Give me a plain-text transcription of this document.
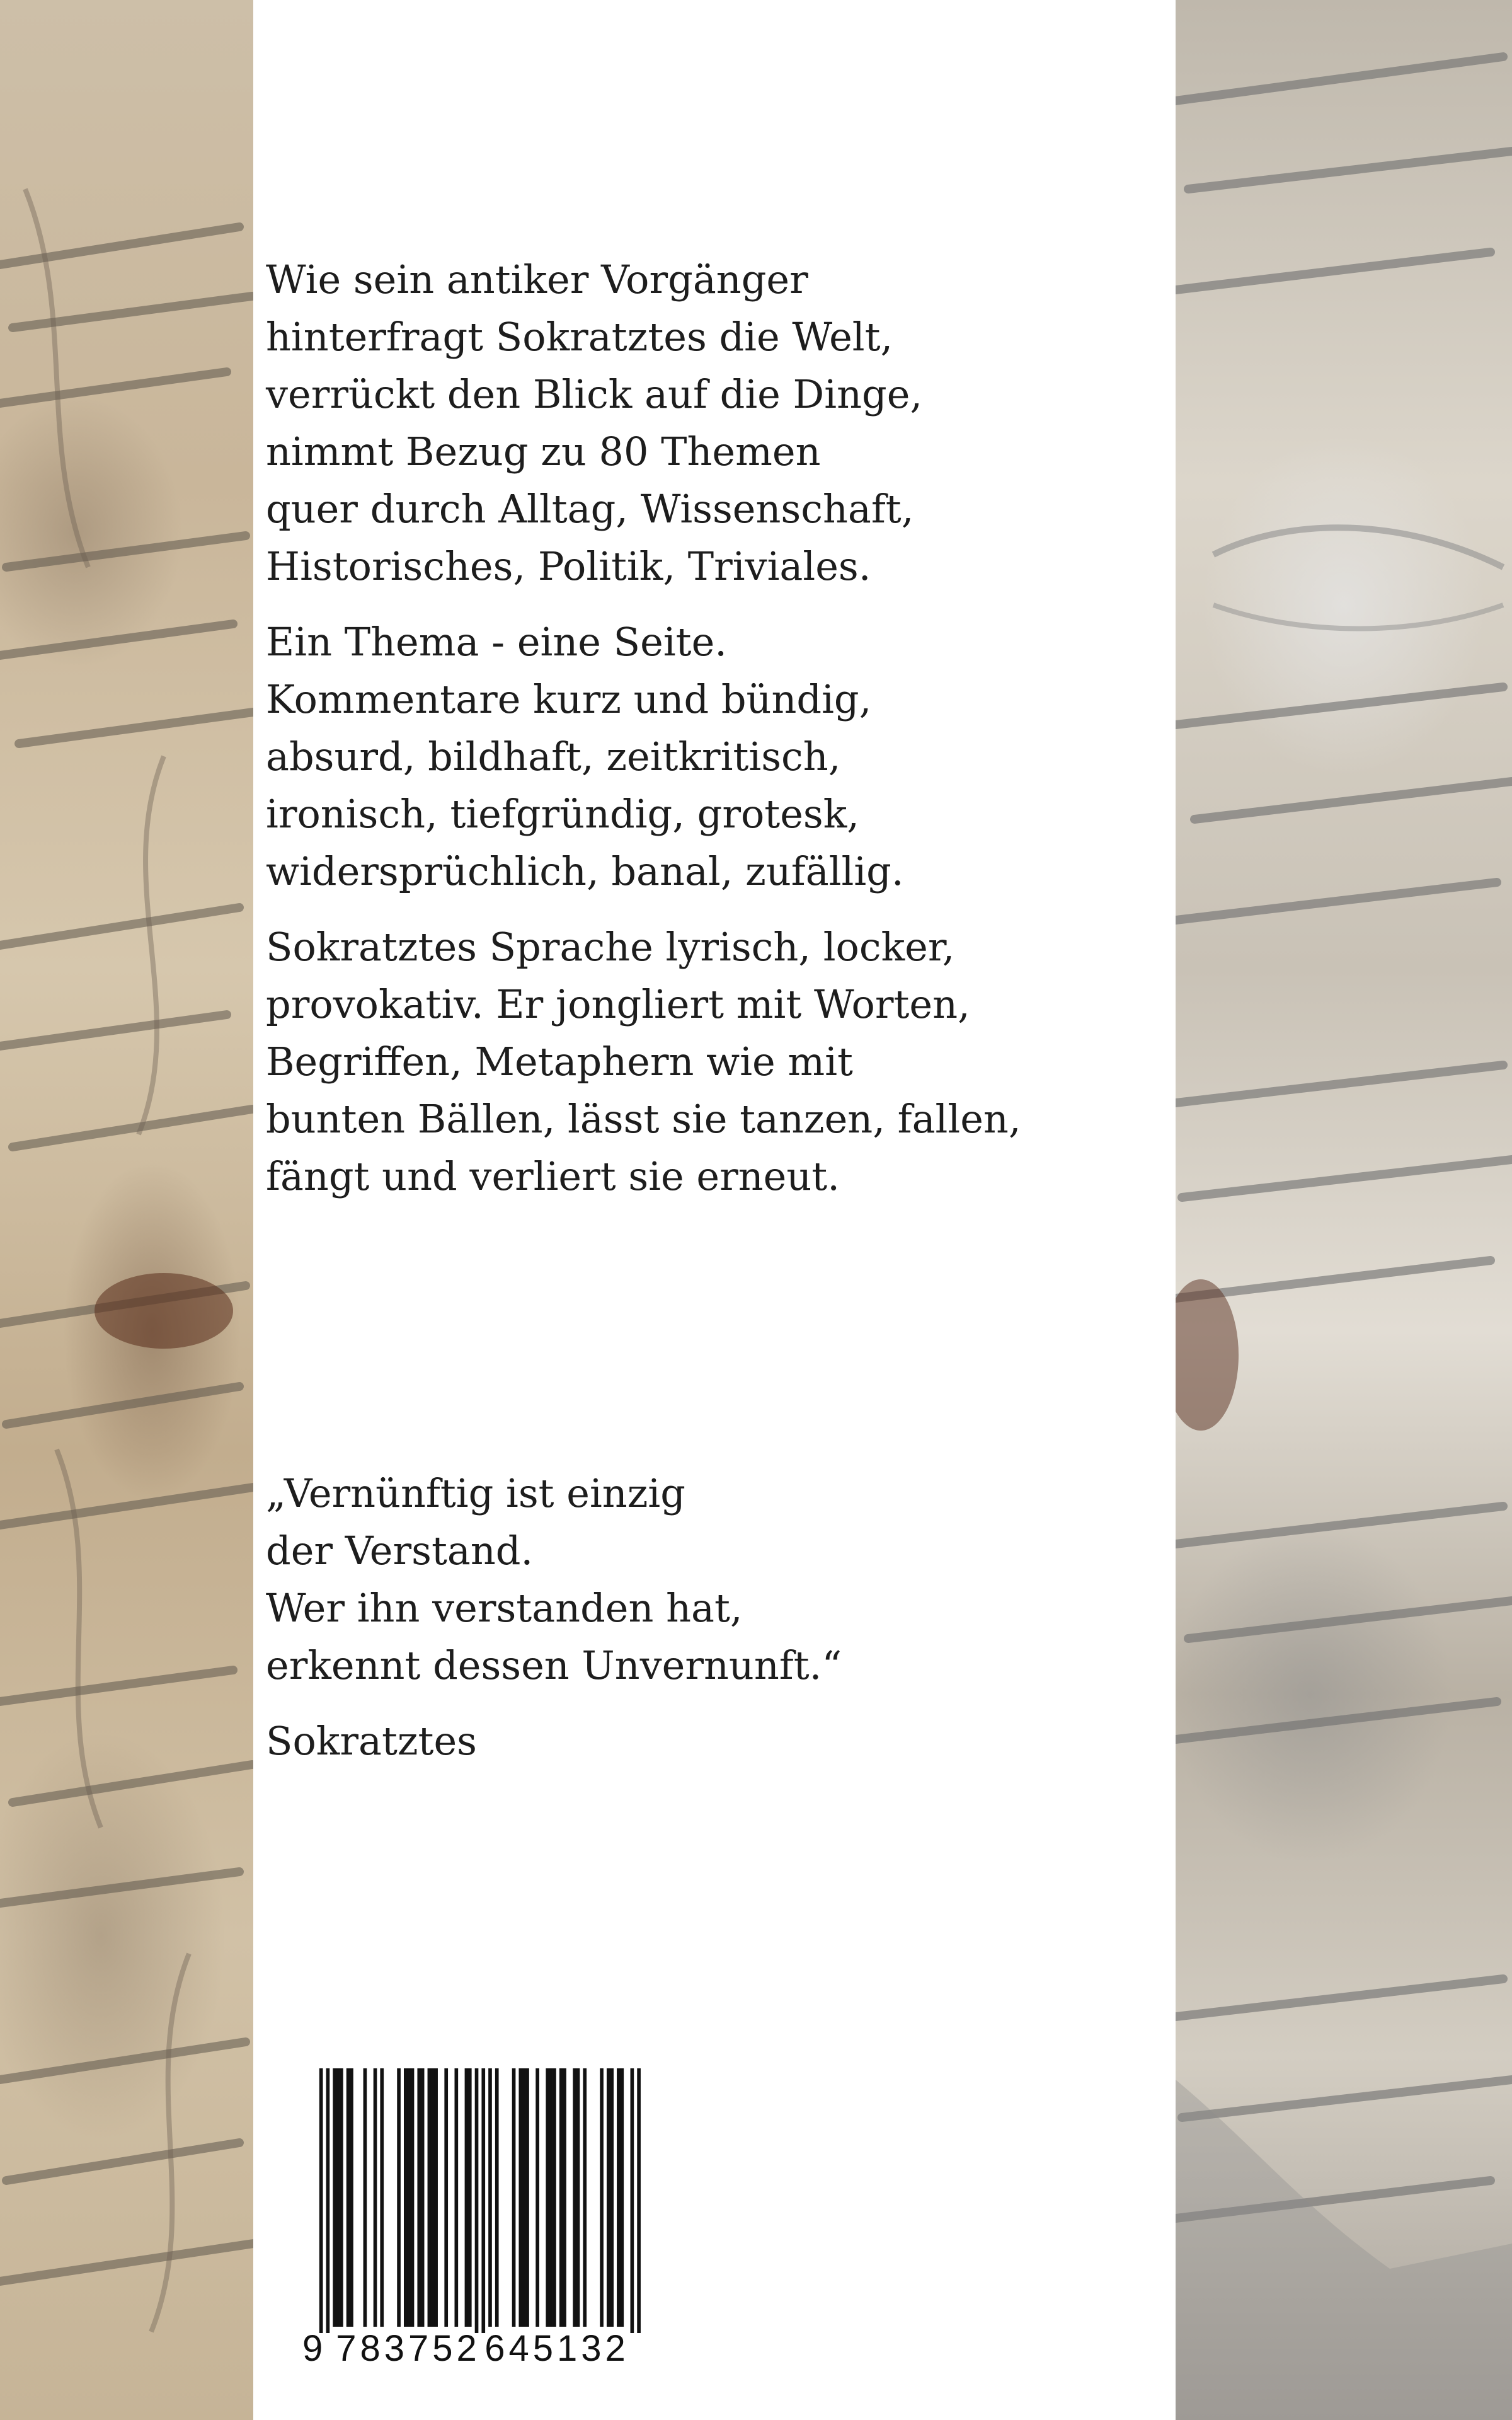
Wie sein antiker Vorgänger
hinterfragt Sokratztes die Welt,
verrückt den Blick auf die Dinge,
nimmt Bezug zu 80 Themen
quer durch Alltag, Wissenschaft,
Historisches, Politik, Triviales.

Ein Thema - eine Seite.
Kommentare kurz und bündig,
absurd, bildhaft, zeitkritisch,
ironisch, tiefgründig, grotesk,
widersprüchlich, banal, zufällig.

Sokratztes Sprache lyrisch, locker,
provokativ. Er jongliert mit Worten,
Begriffen, Metaphern wie mit
bunten Bällen, lässt sie tanzen, fallen,
fängt und verliert sie erneut.

„Vernünftig ist einzig
der Verstand.
Wer ihn verstanden hat,
erkennt dessen Unvernunft.“

Sokratztes

9 783752 645132
